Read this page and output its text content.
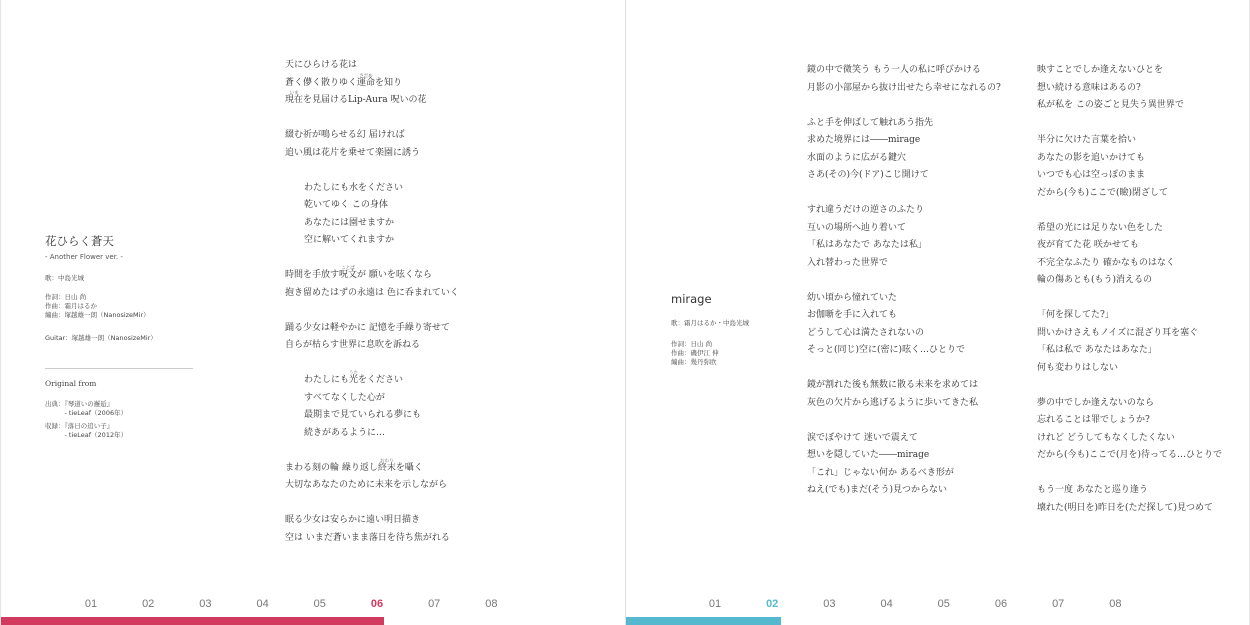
花ひらく蒼天
- Another Flower ver. -
歌：中島光城
作詞：日山 尚
作曲：霜月はるか
編曲：塚越雄一朗（NanosizeMir）
Guitar：塚越雄一朗（NanosizeMir）
Original from
出典：『琴道いの邂逅』
　　　- tieLeaf（2006年）
収録：『落日の追い子』
　　　- tieLeaf（2012年）
天にひらける花は
蒼く儚く散りゆく運命
さだめ
を知り
現在
いま
を見届けるLip-Aura 呪いの花
綴む祈が鳴らせる幻 届ければ
追い風は花片を乗せて楽園に誘う
わたしにも水をください
乾いてゆく この身体
あなたには園せますか
空に解いてくれますか
時間を手放す呪文
ことば
が 願いを呟くなら
抱き留めたはずの永遠は 色に呑まれていく
踊る少女は軽やかに 記憶を手繰り寄せて
自らが枯らす世界に息吹を訴ねる
わたしにも光
うた
をください
すべてなくした心が
最期まで見ていられる夢にも
続きがあるように…
まわる刻の輪 繰り返し終末
おわり
を囁く
大切なあなたのために未来を示しながら
眠る少女は安らかに遠い明日描き
空は いまだ蒼いまま落日を待ち焦がれる
01	02	03	04	05	06	07	08
mirage
歌：霜月はるか・中島光城
作詞：日山 尚
作曲：磯伊江 伸
編曲：幾丹弥欧
鏡の中で微笑う もう一人の私に呼びかける
月影の小部屋から抜け出せたら幸せになれるの?
ふと手を伸ばして触れあう指先
求めた境界には――mirage
水面のように広がる鍵穴
さあ(その)今(ドア)こじ開けて
すれ違うだけの逆さのふたり
互いの場所へ辿り着いて
「私はあなたで あなたは私」
入れ替わった世界で
幼い頃から憧れていた
お伽噺を手に入れても
どうして心は満たされないの
そっと(同じ)空に(密に)呟く…ひとりで
鏡が割れた後も無数に散る未来を求めては
灰色の欠片から逃げるように歩いてきた私
涙でぼやけて 迷いで震えて
想いを隠していた――mirage
「これ」じゃない何か あるべき形が
ねえ(でも)まだ(そう)見つからない
映すことでしか逢えないひとを
想い続ける意味はあるの?
私が私を この姿ごと見失う異世界で
半分に欠けた言葉を拾い
あなたの影を追いかけても
いつでも心は空っぽのまま
だから(今も)ここで(瞼)閉ざして
希望の光には足りない色をした
夜が育てた花 咲かせても
不完全なふたり 確かなものはなく
輪の傷あとも(もう)消えるの
「何を探してた?」
問いかけさえもノイズに混ざり耳を塞ぐ
「私は私で あなたはあなた」
何も変わりはしない
夢の中でしか逢えないのなら
忘れることは罪でしょうか?
けれど どうしてもなくしたくない
だから(今も)ここで(月を)待ってる…ひとりで
もう一度 あなたと巡り逢う
壊れた(明日を)昨日を(ただ探して)見つめて
01	02	03	04	05	06	07	08
